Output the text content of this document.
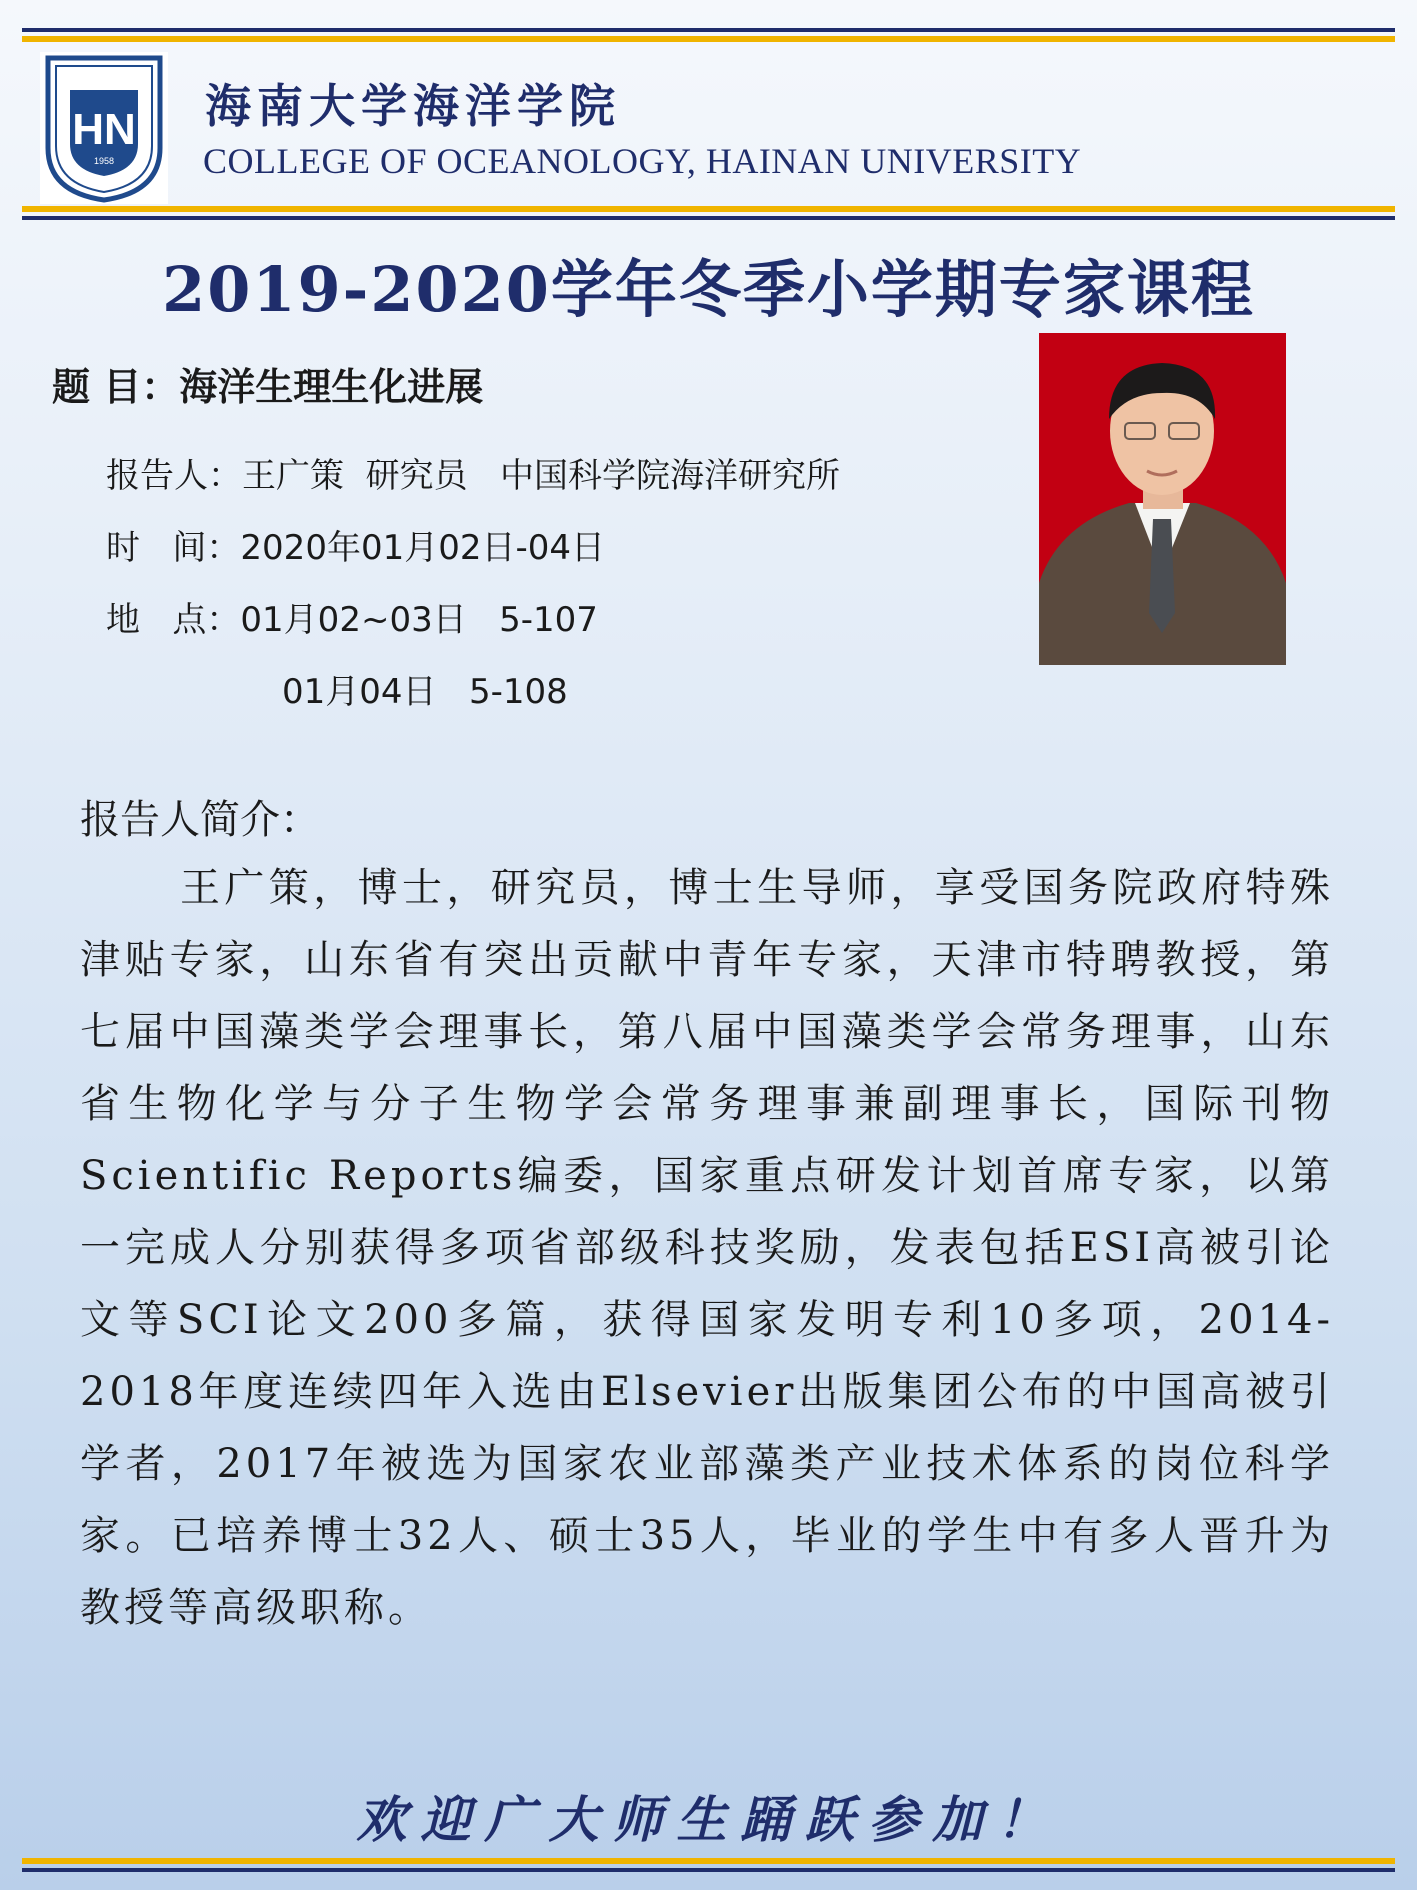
HN
1958
海南大学海洋学院
COLLEGE OF OCEANOLOGY, HAINAN UNIVERSITY
2019-2020学年冬季小学期专家课程
题 目：海洋生理生化进展
报告人：王广策  研究员   中国科学院海洋研究所
时   间：2020年01月02日-04日
地   点：01月02~03日   5-107
01月04日   5-108
报告人简介：
王广策，博士，研究员，博士生导师，享受国务院政府特殊津贴专家，山东省有突出贡献中青年专家，天津市特聘教授，第七届中国藻类学会理事长，第八届中国藻类学会常务理事，山东省生物化学与分子生物学会常务理事兼副理事长，国际刊物Scientific Reports编委，国家重点研发计划首席专家，以第一完成人分别获得多项省部级科技奖励，发表包括ESI高被引论文等SCI论文200多篇，获得国家发明专利10多项，2014-2018年度连续四年入选由Elsevier出版集团公布的中国高被引学者，2017年被选为国家农业部藻类产业技术体系的岗位科学家。已培养博士32人、硕士35人，毕业的学生中有多人晋升为教授等高级职称。
欢迎广大师生踊跃参加！
